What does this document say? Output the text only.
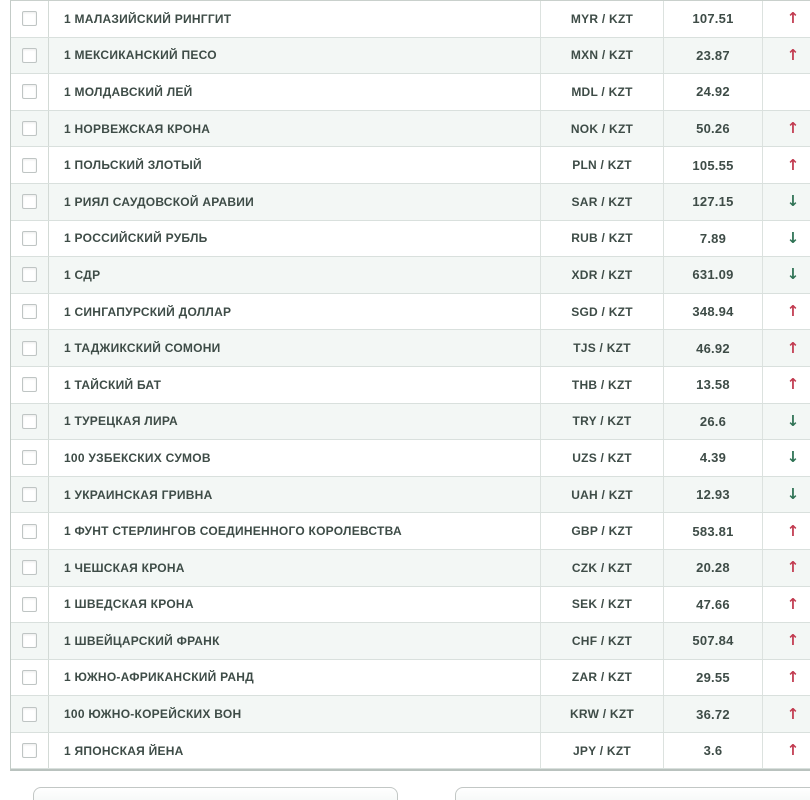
1 МАЛАЗИЙСКИЙ РИНГГИТ	MYR / KZT	107.51	↑
1 МЕКСИКАНСКИЙ ПЕСО	MXN / KZT	23.87	↑
1 МОЛДАВСКИЙ ЛЕЙ	MDL / KZT	24.92
1 НОРВЕЖСКАЯ КРОНА	NOK / KZT	50.26	↑
1 ПОЛЬСКИЙ ЗЛОТЫЙ	PLN / KZT	105.55	↑
1 РИЯЛ САУДОВСКОЙ АРАВИИ	SAR / KZT	127.15	↓
1 РОССИЙСКИЙ РУБЛЬ	RUB / KZT	7.89	↓
1 СДР	XDR / KZT	631.09	↓
1 СИНГАПУРСКИЙ ДОЛЛАР	SGD / KZT	348.94	↑
1 ТАДЖИКСКИЙ СОМОНИ	TJS / KZT	46.92	↑
1 ТАЙСКИЙ БАТ	THB / KZT	13.58	↑
1 ТУРЕЦКАЯ ЛИРА	TRY / KZT	26.6	↓
100 УЗБЕКСКИХ СУМОВ	UZS / KZT	4.39	↓
1 УКРАИНСКАЯ ГРИВНА	UAH / KZT	12.93	↓
1 ФУНТ СТЕРЛИНГОВ СОЕДИНЕННОГО КОРОЛЕВСТВА	GBP / KZT	583.81	↑
1 ЧЕШСКАЯ КРОНА	CZK / KZT	20.28	↑
1 ШВЕДСКАЯ КРОНА	SEK / KZT	47.66	↑
1 ШВЕЙЦАРСКИЙ ФРАНК	CHF / KZT	507.84	↑
1 ЮЖНО-АФРИКАНСКИЙ РАНД	ZAR / KZT	29.55	↑
100 ЮЖНО-КОРЕЙСКИХ ВОН	KRW / KZT	36.72	↑
1 ЯПОНСКАЯ ЙЕНА	JPY / KZT	3.6	↑
